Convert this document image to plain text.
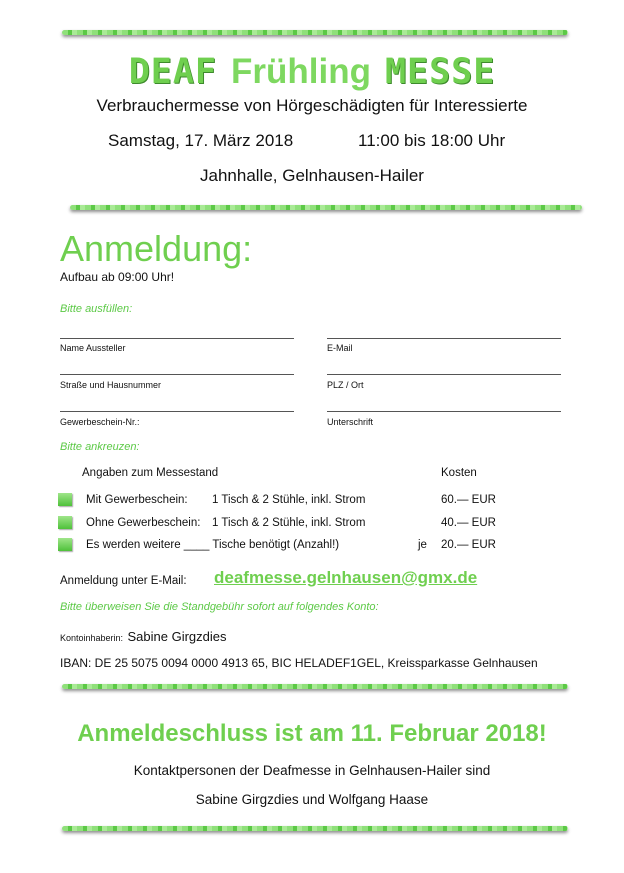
DEAF Frühling MESSE
Verbrauchermesse von Hörgeschädigten für Interessierte
Samstag, 17. März 2018	11:00 bis 18:00 Uhr
Jahnhalle, Gelnhausen-Hailer
Anmeldung:
Aufbau ab 09:00 Uhr!
Bitte ausfüllen:
Name Aussteller	E-Mail
Straße und Hausnummer	PLZ / Ort
Gewerbeschein-Nr.:	Unterschrift
Bitte ankreuzen:
Angaben zum Messestand	Kosten
Mit Gewerbeschein: 1 Tisch & 2 Stühle, inkl. Strom	60.— EUR
Ohne Gewerbeschein: 1 Tisch & 2 Stühle, inkl. Strom	40.— EUR
Es werden weitere ____ Tische benötigt (Anzahl!)	je 20.— EUR
Anmeldung unter E-Mail: deafmesse.gelnhausen@gmx.de
Bitte überweisen Sie die Standgebühr sofort auf folgendes Konto:
Kontoinhaberin: Sabine Girgzdies
IBAN: DE 25 5075 0094 0000 4913 65, BIC HELADEF1GEL, Kreissparkasse Gelnhausen
Anmeldeschluss ist am 11. Februar 2018!
Kontaktpersonen der Deafmesse in Gelnhausen-Hailer sind
Sabine Girgzdies und Wolfgang Haase
